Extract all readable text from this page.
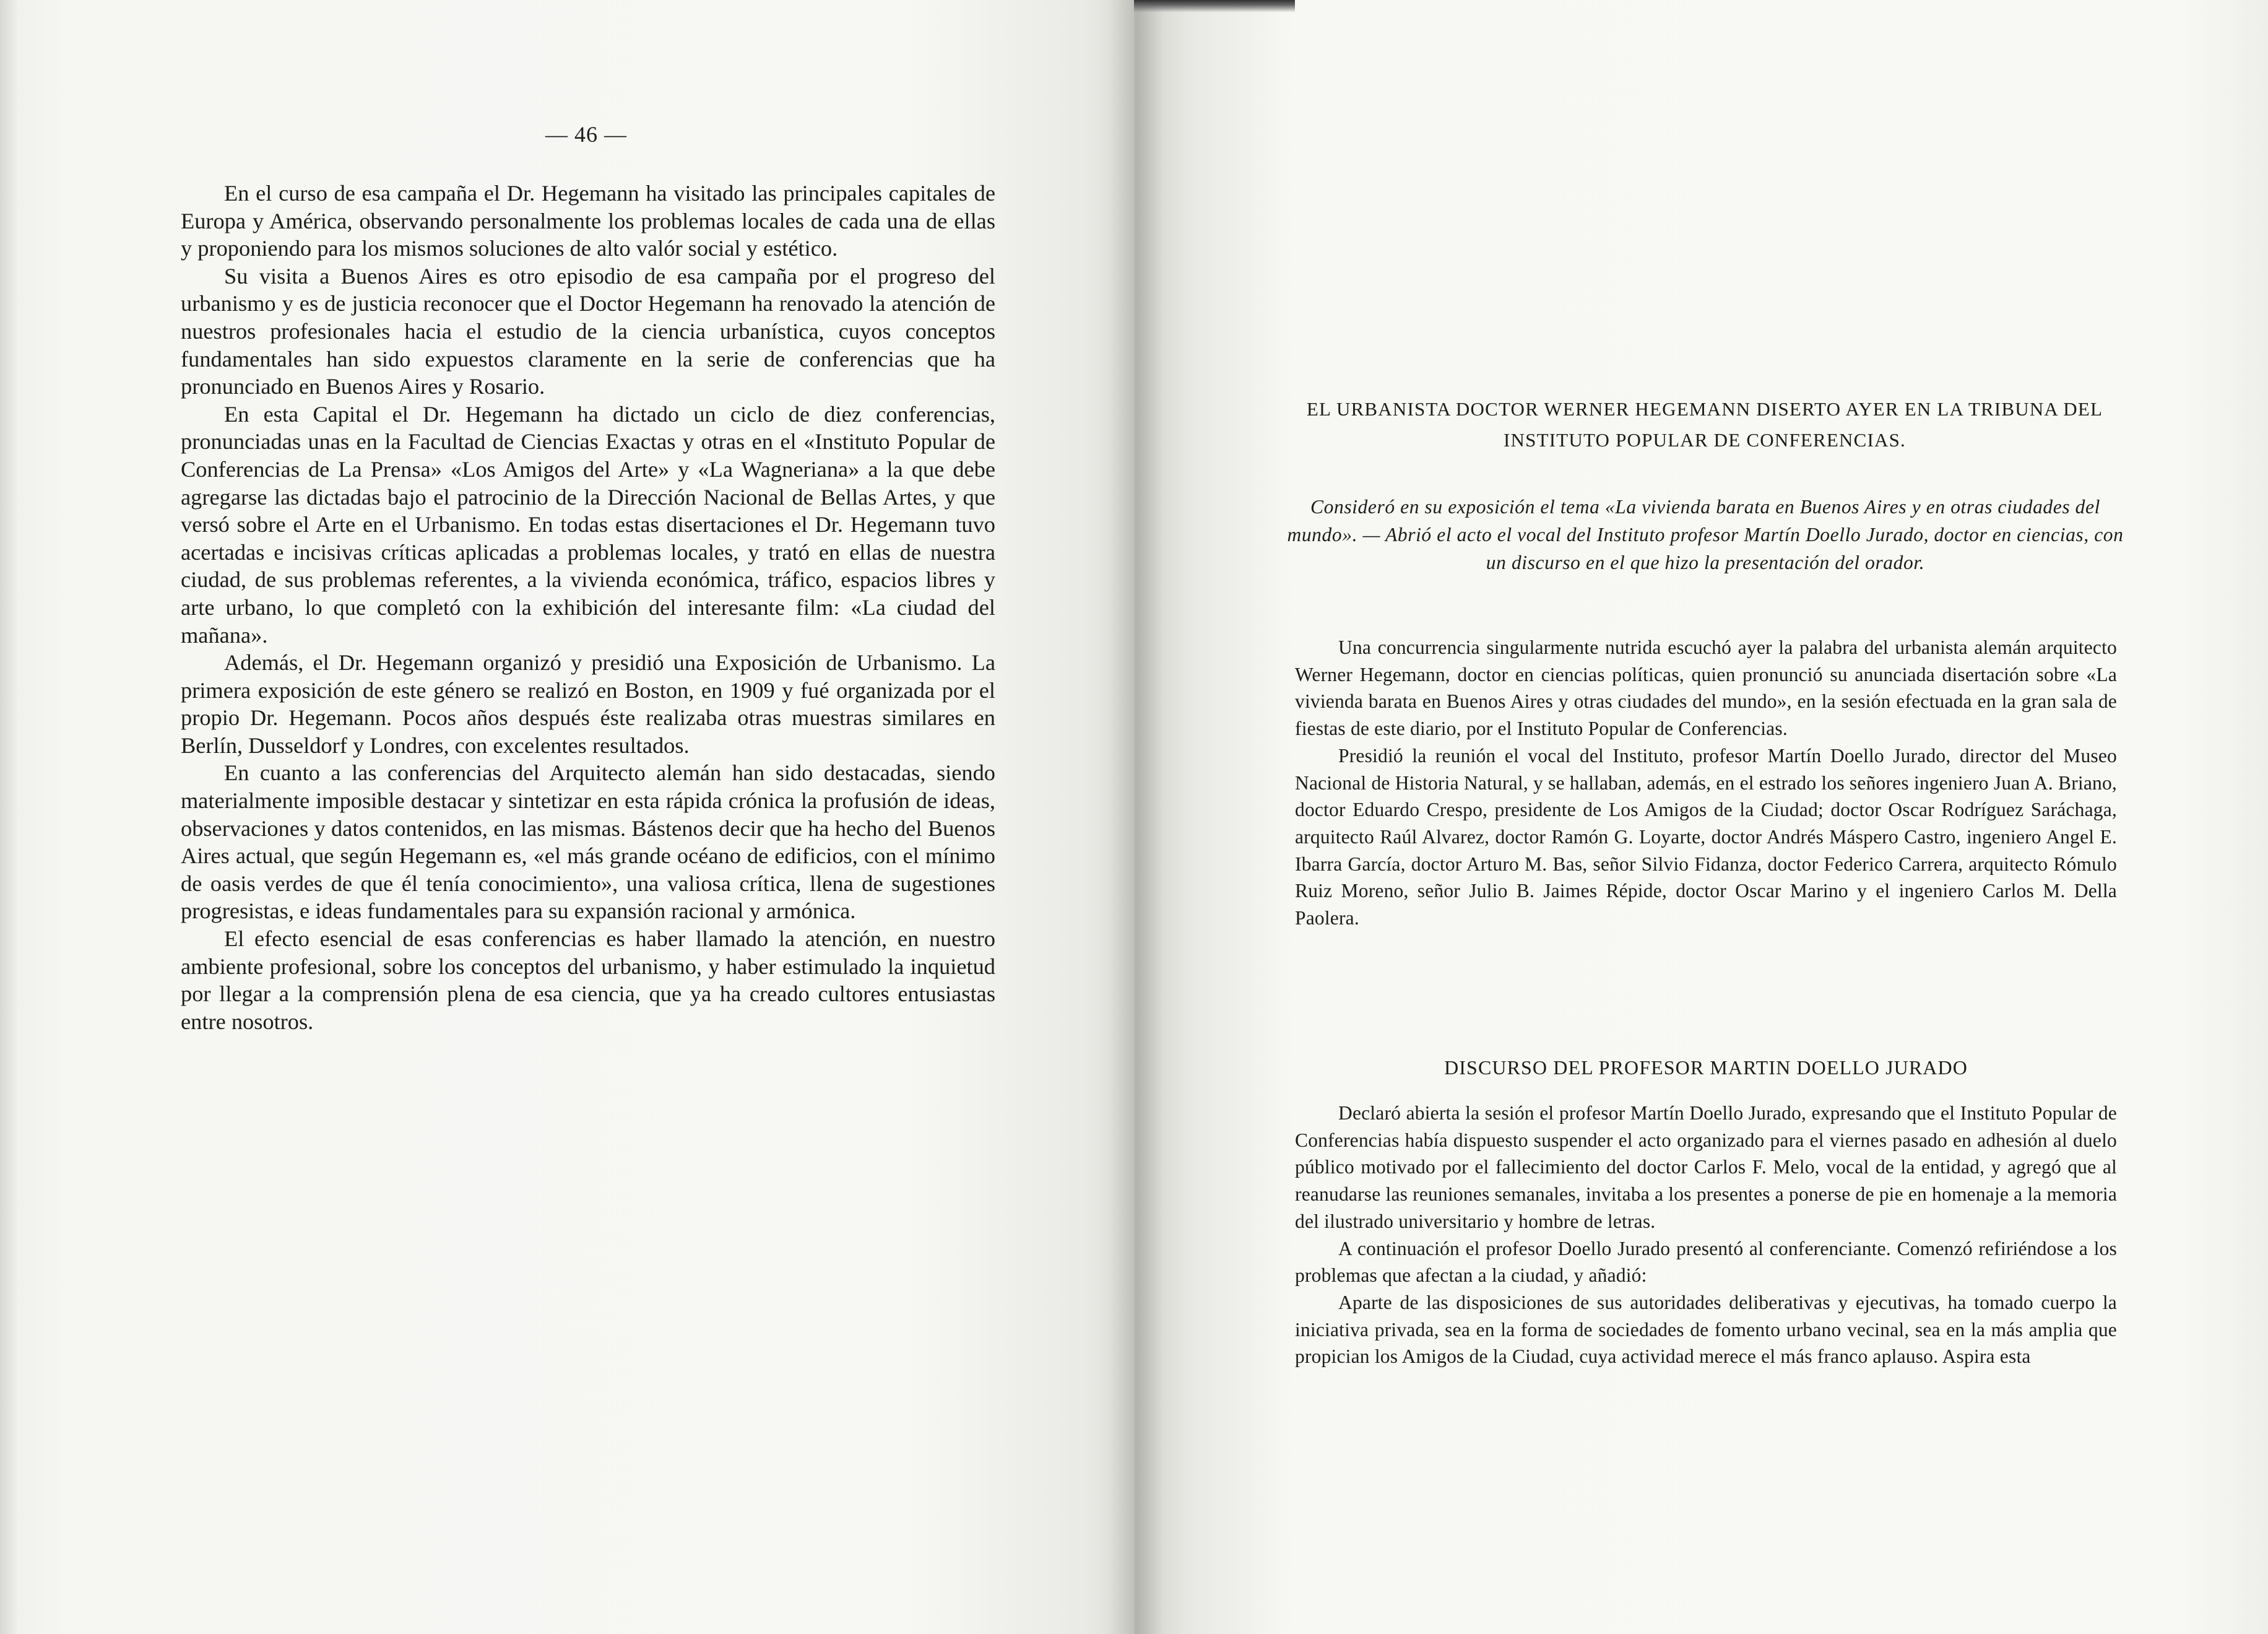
— 46 —

En el curso de esa campaña el Dr. Hegemann ha visitado las principales capitales de Europa y América, observando personalmente los problemas locales de cada una de ellas y proponiendo para los mismos soluciones de alto valór social y estético.

Su visita a Buenos Aires es otro episodio de esa campaña por el progreso del urbanismo y es de justicia reconocer que el Doctor Hegemann ha renovado la atención de nuestros profesionales hacia el estudio de la ciencia urbanística, cuyos conceptos fundamentales han sido expuestos claramente en la serie de conferencias que ha pronunciado en Buenos Aires y Rosario.

En esta Capital el Dr. Hegemann ha dictado un ciclo de diez conferencias, pronunciadas unas en la Facultad de Ciencias Exactas y otras en el «Instituto Popular de Conferencias de La Prensa» «Los Amigos del Arte» y «La Wagneriana» a la que debe agregarse las dictadas bajo el patrocinio de la Dirección Nacional de Bellas Artes, y que versó sobre el Arte en el Urbanismo. En todas estas disertaciones el Dr. Hegemann tuvo acertadas e incisivas críticas aplicadas a problemas locales, y trató en ellas de nuestra ciudad, de sus problemas referentes, a la vivienda económica, tráfico, espacios libres y arte urbano, lo que completó con la exhibición del interesante film: «La ciudad del mañana».

Además, el Dr. Hegemann organizó y presidió una Exposición de Urbanismo. La primera exposición de este género se realizó en Boston, en 1909 y fué organizada por el propio Dr. Hegemann. Pocos años después éste realizaba otras muestras similares en Berlín, Dusseldorf y Londres, con excelentes resultados.

En cuanto a las conferencias del Arquitecto alemán han sido destacadas, siendo materialmente imposible destacar y sintetizar en esta rápida crónica la profusión de ideas, observaciones y datos contenidos, en las mismas. Bástenos decir que ha hecho del Buenos Aires actual, que según Hegemann es, «el más grande océano de edificios, con el mínimo de oasis verdes de que él tenía conocimiento», una valiosa crítica, llena de sugestiones progresistas, e ideas fundamentales para su expansión racional y armónica.

El efecto esencial de esas conferencias es haber llamado la atención, en nuestro ambiente profesional, sobre los conceptos del urbanismo, y haber estimulado la inquietud por llegar a la comprensión plena de esa ciencia, que ya ha creado cultores entusiastas entre nosotros.

EL URBANISTA DOCTOR WERNER HEGEMANN DISERTO AYER EN LA TRIBUNA DEL INSTITUTO POPULAR DE CONFERENCIAS.
Consideró en su exposición el tema «La vivienda barata en Buenos Aires y en otras ciudades del mundo». — Abrió el acto el vocal del Instituto profesor Martín Doello Jurado, doctor en ciencias, con un discurso en el que hizo la presentación del orador.

Una concurrencia singularmente nutrida escuchó ayer la palabra del urbanista alemán arquitecto Werner Hegemann, doctor en ciencias políticas, quien pronunció su anunciada disertación sobre «La vivienda barata en Buenos Aires y otras ciudades del mundo», en la sesión efectuada en la gran sala de fiestas de este diario, por el Instituto Popular de Conferencias.

Presidió la reunión el vocal del Instituto, profesor Martín Doello Jurado, director del Museo Nacional de Historia Natural, y se hallaban, además, en el estrado los señores ingeniero Juan A. Briano, doctor Eduardo Crespo, presidente de Los Amigos de la Ciudad; doctor Oscar Rodríguez Saráchaga, arquitecto Raúl Alvarez, doctor Ramón G. Loyarte, doctor Andrés Máspero Castro, ingeniero Angel E. Ibarra García, doctor Arturo M. Bas, señor Silvio Fidanza, doctor Federico Carrera, arquitecto Rómulo Ruiz Moreno, señor Julio B. Jaimes Répide, doctor Oscar Marino y el ingeniero Carlos M. Della Paolera.

DISCURSO DEL PROFESOR MARTIN DOELLO JURADO

Declaró abierta la sesión el profesor Martín Doello Jurado, expresando que el Instituto Popular de Conferencias había dispuesto suspender el acto organizado para el viernes pasado en adhesión al duelo público motivado por el fallecimiento del doctor Carlos F. Melo, vocal de la entidad, y agregó que al reanudarse las reuniones semanales, invitaba a los presentes a ponerse de pie en homenaje a la memoria del ilustrado universitario y hombre de letras.

A continuación el profesor Doello Jurado presentó al conferenciante. Comenzó refiriéndose a los problemas que afectan a la ciudad, y añadió:

Aparte de las disposiciones de sus autoridades deliberativas y ejecutivas, ha tomado cuerpo la iniciativa privada, sea en la forma de sociedades de fomento urbano vecinal, sea en la más amplia que propician los Amigos de la Ciudad, cuya actividad merece el más franco aplauso. Aspira esta
